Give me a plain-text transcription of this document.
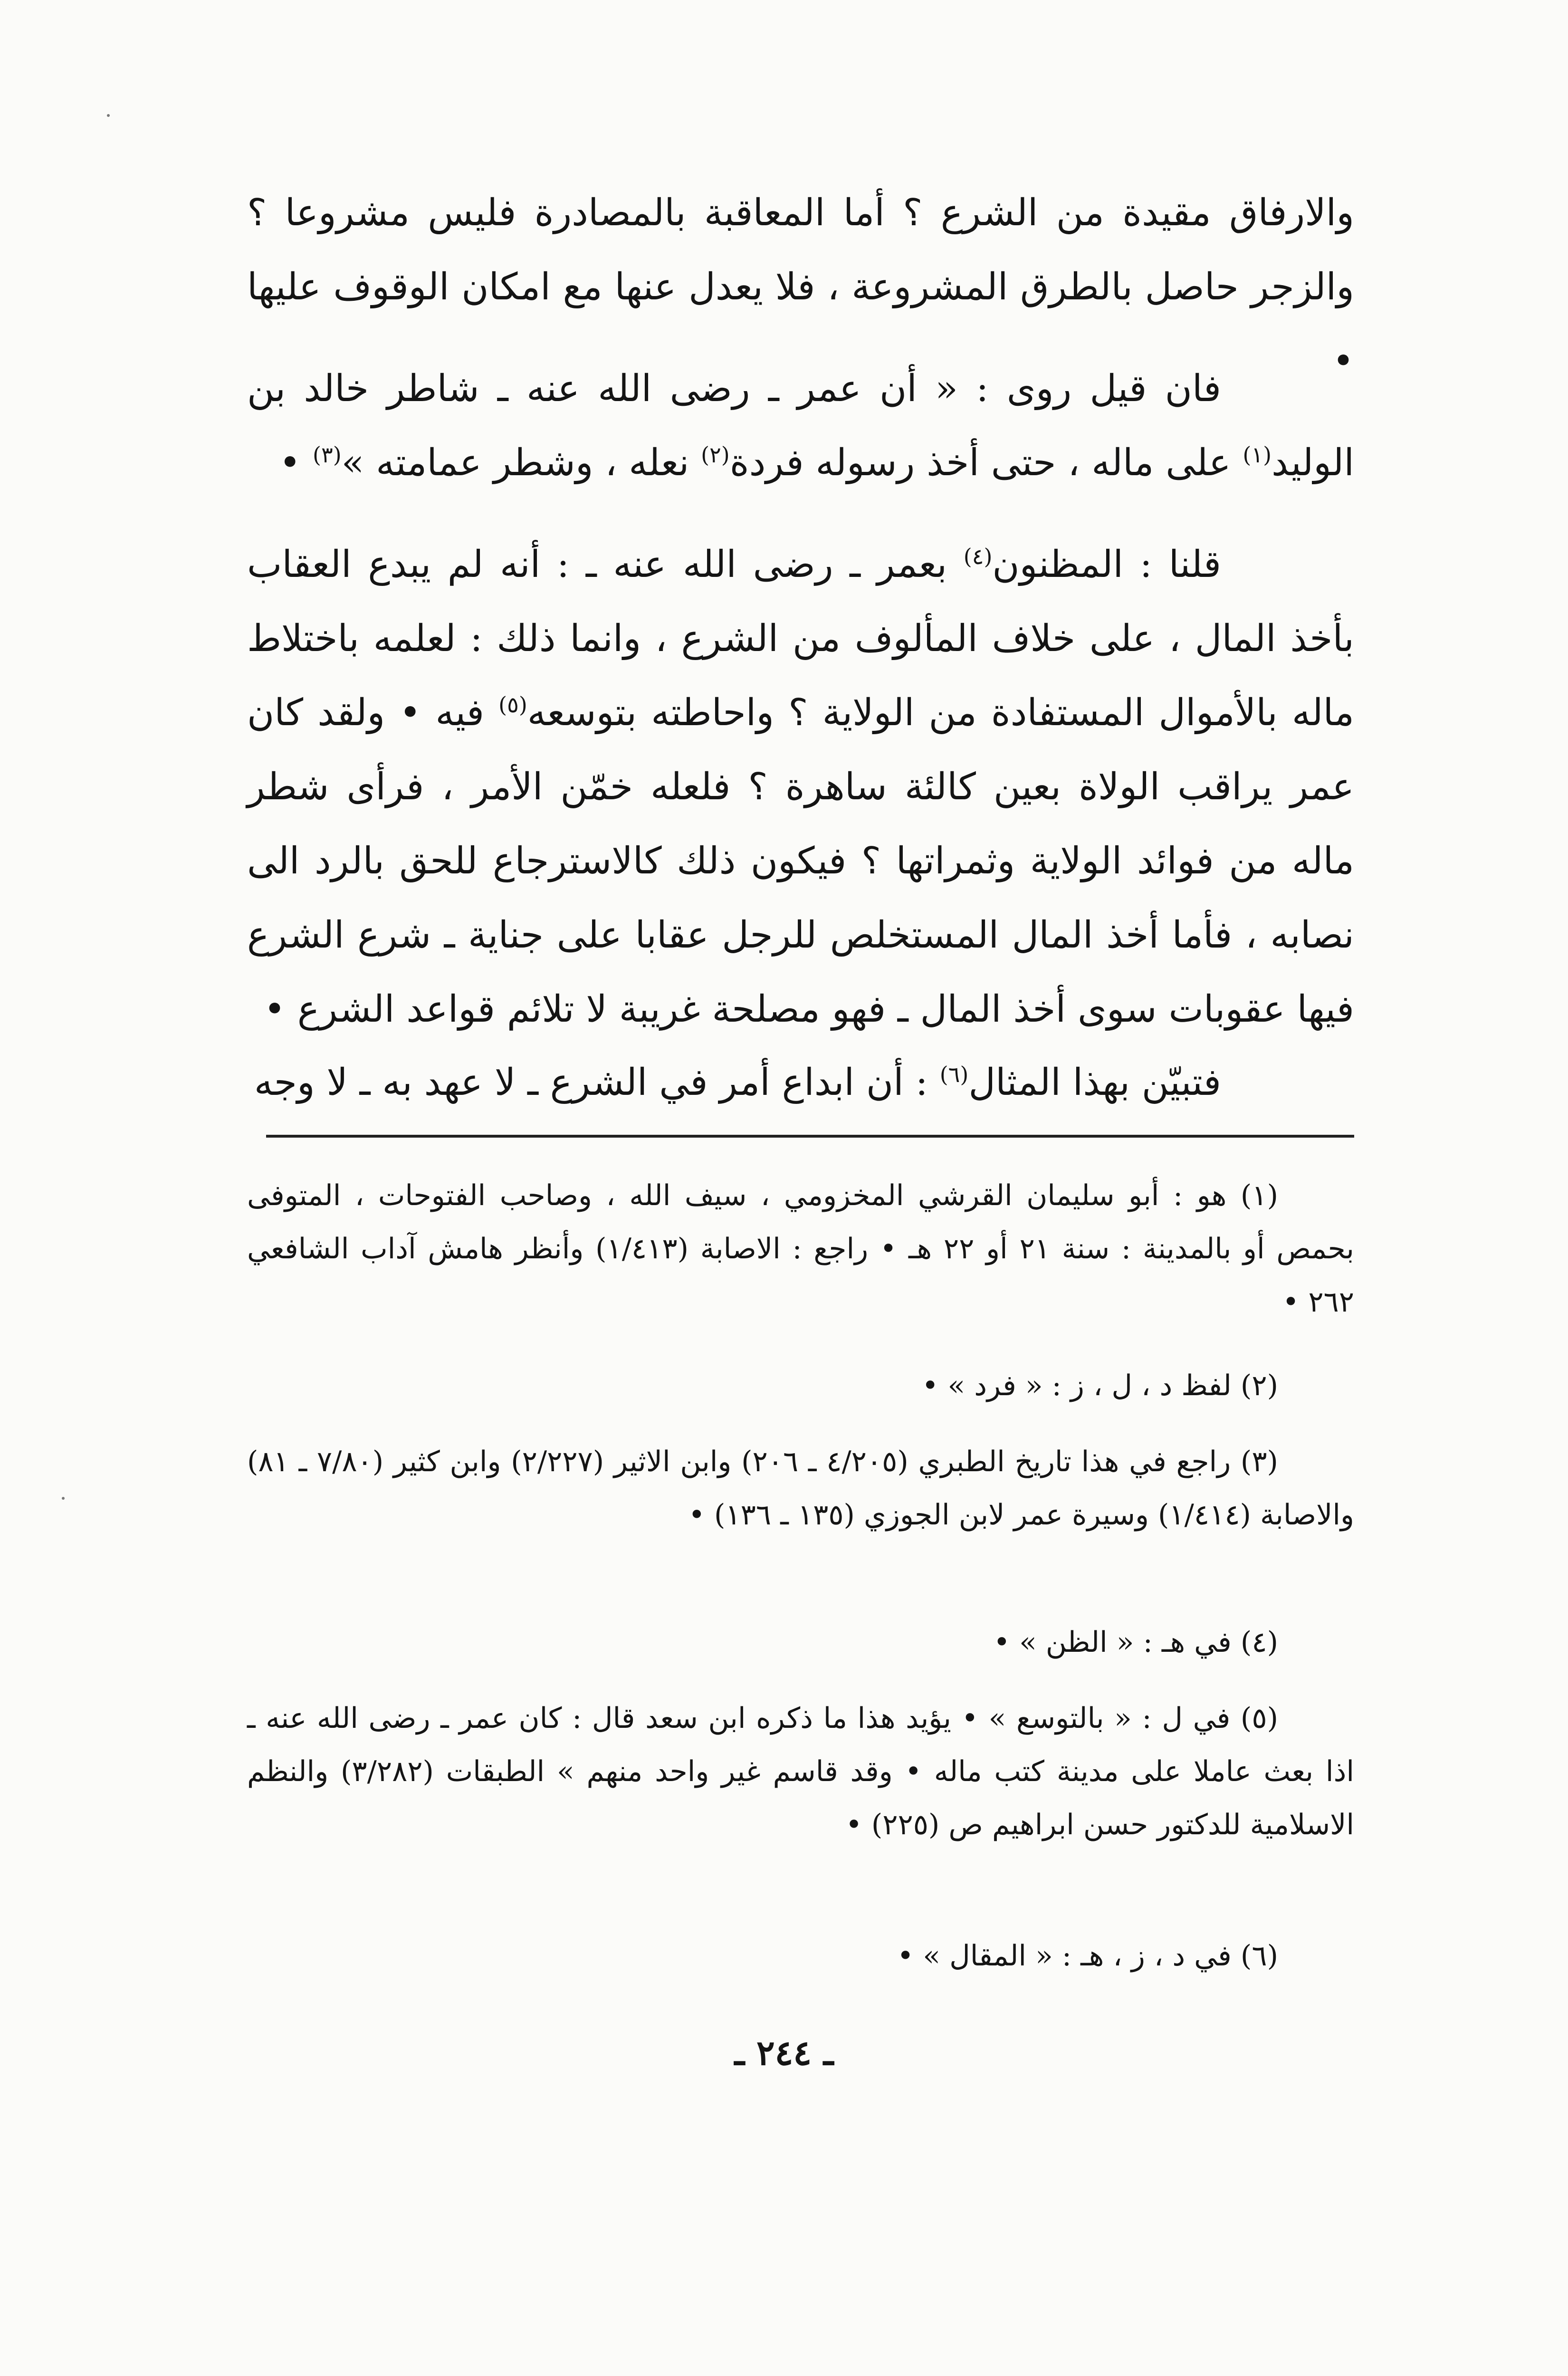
والارفاق مقيدة من الشرع ؟ أما المعاقبة بالمصادرة فليس مشروعا ؟ والزجر حاصل بالطرق المشروعة ، فلا يعدل عنها مع امكان الوقوف عليها •

فان قيل روى : « أن عمر ـ رضى الله عنه ـ شاطر خالد بن الوليد$^{(١)}$ على ماله ، حتى أخذ رسوله فردة$^{(٢)}$ نعله ، وشطر عمامته »$^{(٣)}$ •

قلنا : المظنون$^{(٤)}$ بعمر ـ رضى الله عنه ـ : أنه لم يبدع العقاب بأخذ المال ، على خلاف المألوف من الشرع ، وانما ذلك : لعلمه باختلاط ماله بالأموال المستفادة من الولاية ؟ واحاطته بتوسعه$^{(٥)}$ فيه • ولقد كان عمر يراقب الولاة بعين كالئة ساهرة ؟ فلعله خمّن الأمر ، فرأى شطر ماله من فوائد الولاية وثمراتها ؟ فيكون ذلك كالاسترجاع للحق بالرد الى نصابه ، فأما أخذ المال المستخلص للرجل عقابا على جناية ـ شرع الشرع فيها عقوبات سوى أخذ المال ـ فهو مصلحة غريبة لا تلائم قواعد الشرع •

فتبيّن بهذا المثال$^{(٦)}$ : أن ابداع أمر في الشرع ـ لا عهد به ـ لا وجه

(١) هو : أبو سليمان القرشي المخزومي ، سيف الله ، وصاحب الفتوحات ، المتوفى بحمص أو بالمدينة : سنة ٢١ أو ٢٢ هـ • راجع : الاصابة (١/٤١٣) وأنظر هامش آداب الشافعي ٢٦٢ •

(٢) لفظ د ، ل ، ز : « فرد » •

(٣) راجع في هذا تاريخ الطبري (٤/٢٠٥ ـ ٢٠٦) وابن الاثير (٢/٢٢٧) وابن كثير (٧/٨٠ ـ ٨١) والاصابة (١/٤١٤) وسيرة عمر لابن الجوزي (١٣٥ ـ ١٣٦) •

(٤) في هـ : « الظن » •

(٥) في ل : « بالتوسع » • يؤيد هذا ما ذكره ابن سعد قال : كان عمر ـ رضى الله عنه ـ اذا بعث عاملا على مدينة كتب ماله • وقد قاسم غير واحد منهم » الطبقات (٣/٢٨٢) والنظم الاسلامية للدكتور حسن ابراهيم ص (٢٢٥) •

(٦) في د ، ز ، هـ : « المقال » •

ـ ٢٤٤ ـ
